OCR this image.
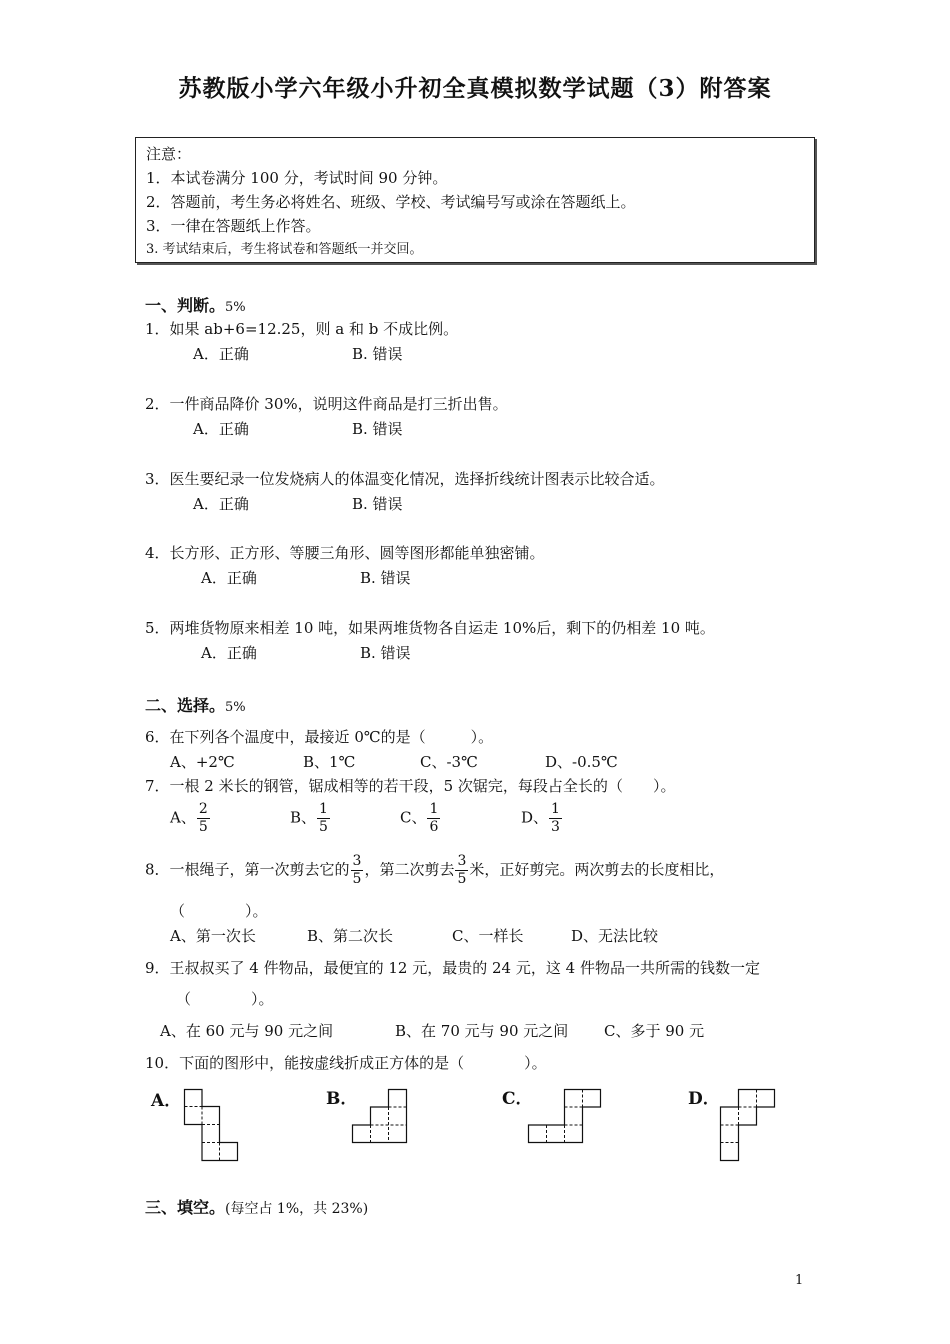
苏教版小学六年级小升初全真模拟数学试题（3）附答案
注意：
1．本试卷满分 100 分，考试时间 90 分钟。
2．答题前，考生务必将姓名、班级、学校、考试编号写或涂在答题纸上。
3．一律在答题纸上作答。
3. 考试结束后，考生将试卷和答题纸一并交回。
一、判断。5%
1．如果 ab+6=12.25，则 a 和 b 不成比例。
A．正确	B. 错误
2．一件商品降价 30%，说明这件商品是打三折出售。
A．正确	B. 错误
3．医生要纪录一位发烧病人的体温变化情况，选择折线统计图表示比较合适。
A．正确	B. 错误
4．长方形、正方形、等腰三角形、圆等图形都能单独密铺。
A．正确	B. 错误
5．两堆货物原来相差 10 吨，如果两堆货物各自运走 10%后，剩下的仍相差 10 吨。
A．正确	B. 错误
二、选择。5%
6．在下列各个温度中，最接近 0℃的是（　　　）。
A、+2℃	B、1℃	C、-3℃	D、-0.5℃
7．一根 2 米长的钢管，锯成相等的若干段，5 次锯完，每段占全长的（　　）。
A、 $\frac{2}{5}$	B、 $\frac{1}{5}$	C、 $\frac{1}{6}$	D、 $\frac{1}{3}$
8．一根绳子，第一次剪去它的 $\frac{3}{5}$ ，第二次剪去 $\frac{3}{5}$ 米，正好剪完。两次剪去的长度相比，
（　　　　）。
A、第一次长	B、第二次长	C、一样长	D、无法比较
9．王叔叔买了 4 件物品，最便宜的 12 元，最贵的 24 元，这 4 件物品一共所需的钱数一定
（　　　　）。
A、在 60 元与 90 元之间	B、在 70 元与 90 元之间 C、多于 90 元
10．下面的图形中，能按虚线折成正方体的是（　　　　）。
A．	B．	C．	D．
三、填空。(每空占 1%，共 23%)
1
